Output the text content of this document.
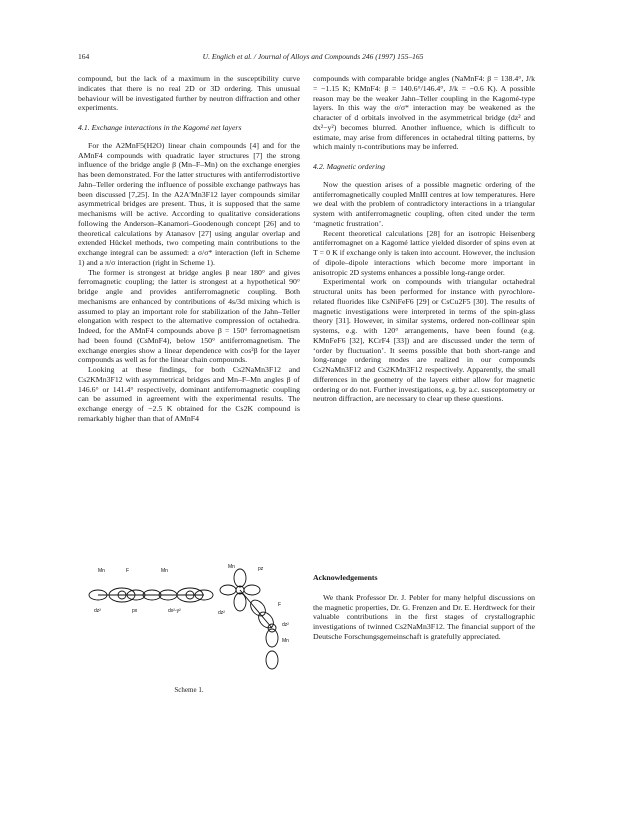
164	U. Englich et al. / Journal of Alloys and Compounds 246 (1997) 155–165

compound, but the lack of a maximum in the susceptibility curve indicates that there is no real 2D or 3D ordering. This unusual behaviour will be investigated further by neutron diffraction and other experiments.

4.1. Exchange interactions in the Kagomé net layers

For the A2MnF5(H2O) linear chain compounds [4] and for the AMnF4 compounds with quadratic layer structures [7] the strong influence of the bridge angle β (Mn–F–Mn) on the exchange energies has been demonstrated. For the latter structures with antiferrodistortive Jahn–Teller ordering the influence of possible exchange pathways has been discussed [7,25]. In the A2A′Mn3F12 layer compounds similar asymmetrical bridges are present. Thus, it is supposed that the same mechanisms will be active. According to qualitative considerations following the Anderson–Kanamori–Goodenough concept [26] and to theoretical calculations by Atanasov [27] using angular overlap and extended Hückel methods, two competing main contributions to the exchange integral can be assumed: a σ/σ* interaction (left in Scheme 1) and a π/σ interaction (right in Scheme 1).

The former is strongest at bridge angles β near 180° and gives ferromagnetic coupling; the latter is strongest at a hypothetical 90° bridge angle and provides antiferromagnetic coupling. Both mechanisms are enhanced by contributions of 4s/3d mixing which is assumed to play an important role for stabilization of the Jahn–Teller elongation with respect to the alternative compression of octahedra. Indeed, for the AMnF4 compounds above β = 150° ferromagnetism had been found (CsMnF4), below 150° antiferromagnetism. The exchange energies show a linear dependence with cos²β for the layer compounds as well as for the linear chain compounds.

Looking at these findings, for both Cs2NaMn3F12 and Cs2KMn3F12 with asymmetrical bridges and Mn–F–Mn angles β of 146.6° or 141.4° respectively, dominant antiferromagnetic coupling can be assumed in agreement with the experimental results. The exchange energy of −2.5 K obtained for the Cs2K compound is remarkably higher than that of AMnF4

compounds with comparable bridge angles (NaMnF4: β = 138.4°, J/k = −1.15 K; KMnF4: β = 140.6°/146.4°, J/k = −0.6 K). A possible reason may be the weaker Jahn–Teller coupling in the Kagomé-type layers. In this way the σ/σ* interaction may be weakened as the character of d orbitals involved in the asymmetrical bridge (dz² and dx²−y²) becomes blurred. Another influence, which is difficult to estimate, may arise from differences in octahedral tilting patterns, by which mainly π-contributions may be inferred.

4.2. Magnetic ordering

Now the question arises of a possible magnetic ordering of the antiferromagnetically coupled MnIII centres at low temperatures. Here we deal with the problem of contradictory interactions in a triangular system with antiferromagnetic coupling, often cited under the term ‘magnetic frustration’.

Recent theoretical calculations [28] for an isotropic Heisenberg antiferromagnet on a Kagomé lattice yielded disorder of spins even at T = 0 K if exchange only is taken into account. However, the inclusion of dipole–dipole interactions which become more important in anisotropic 2D systems enhances a possible long-range order.

Experimental work on compounds with triangular octahedral structural units has been performed for instance with pyrochlore-related fluorides like CsNiFeF6 [29] or CsCu2F5 [30]. The results of magnetic investigations were interpreted in terms of the spin-glass theory [31]. However, in similar systems, ordered non-collinear spin systems, e.g. with 120° arrangements, have been found (e.g. KMnFeF6 [32], KCrF4 [33]) and are discussed under the term of ‘order by fluctuation’. It seems possible that both short-range and long-range ordering modes are realized in our compounds Cs2NaMn3F12 and Cs2KMn3F12 respectively. Apparently, the small differences in the geometry of the layers either allow for magnetic ordering or do not. Further investigations, e.g. by a.c. susceptometry or neutron diffraction, are necessary to clear up these questions.

Acknowledgements

We thank Professor Dr. J. Pebler for many helpful discussions on the magnetic properties, Dr. G. Frenzen and Dr. E. Herdtweck for their valuable contributions in the first stages of crystallographic investigations of twinned Cs2NaMn3F12. The financial support of the Deutsche Forschungsgemeinschaft is gratefully appreciated.

Mn	F	Mn
dz²	px	dx²-y²
Mn	pz
F
dz²
dz²
Mn
Scheme 1.
